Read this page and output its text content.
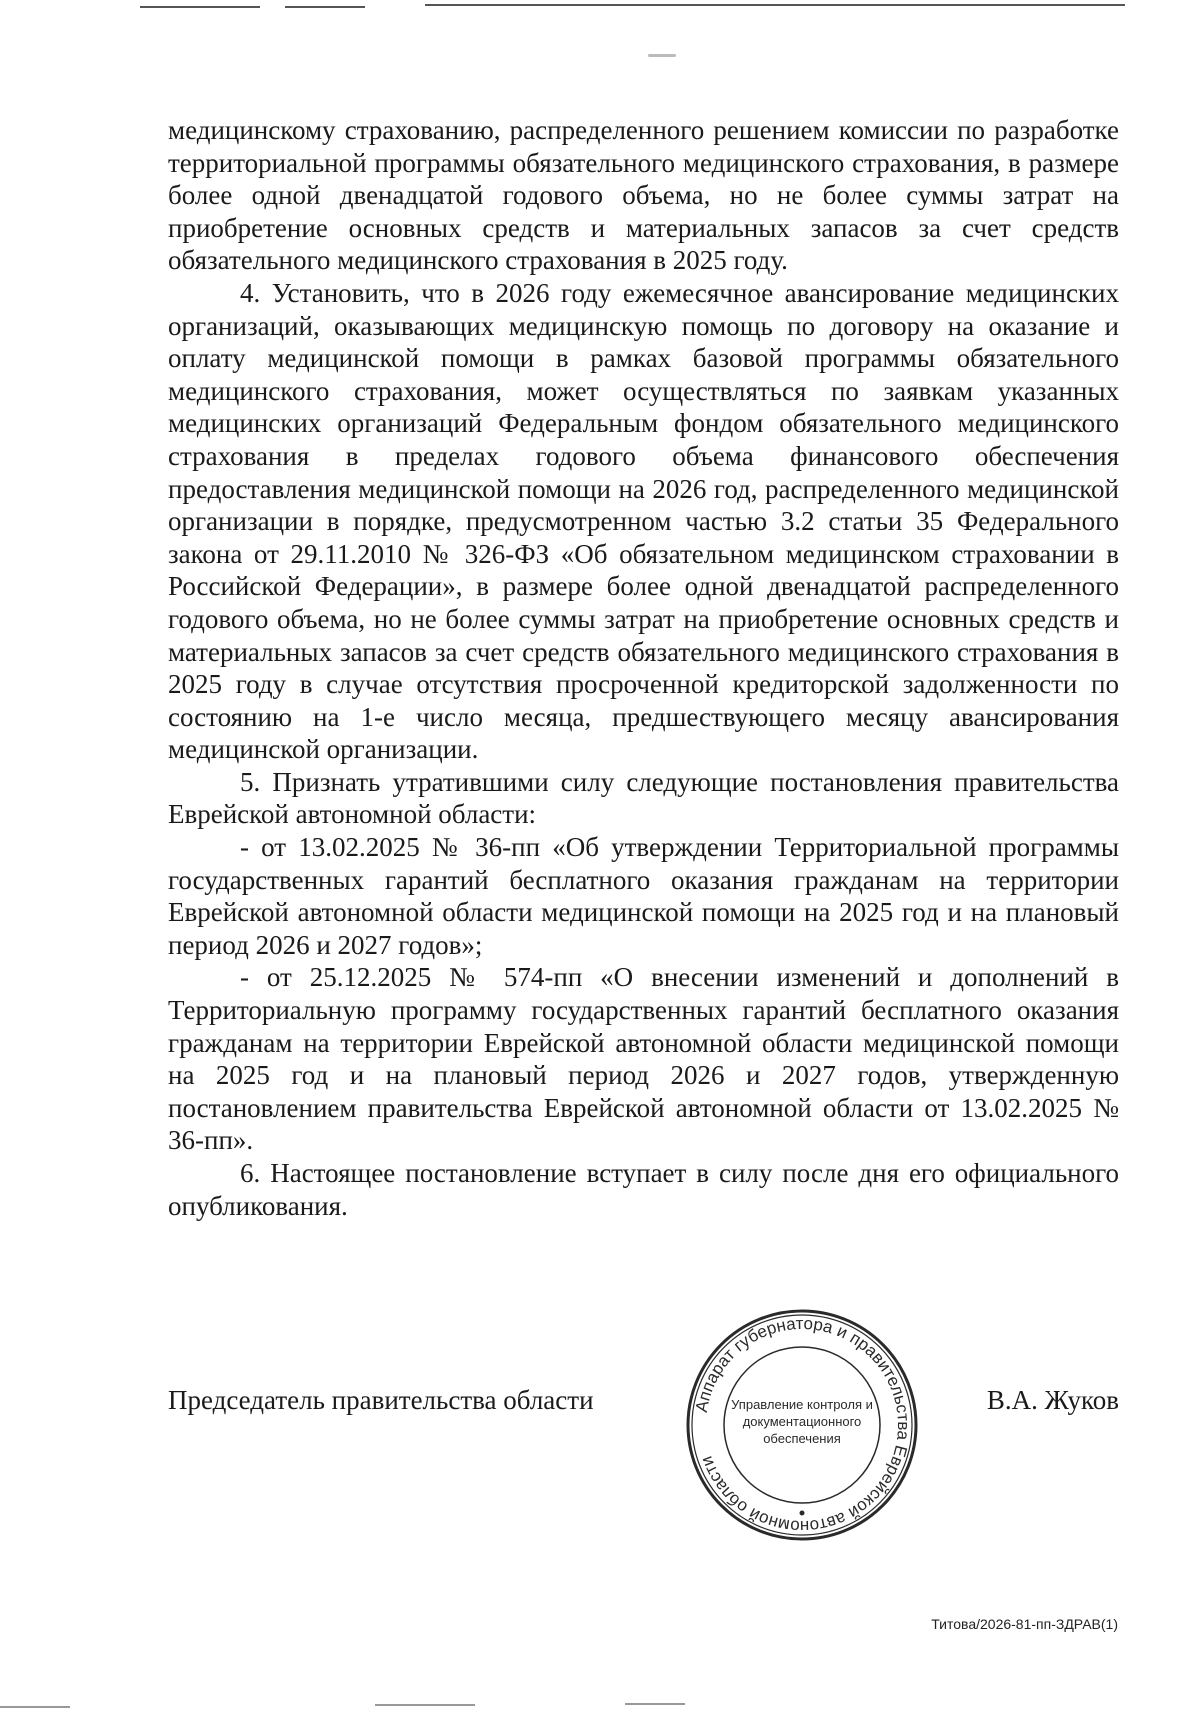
медицинскому страхованию, распределенного решением комиссии по разработке территориальной программы обязательного медицинского страхования, в размере более одной двенадцатой годового объема, но не более суммы затрат на приобретение основных средств и материальных запасов за счет средств обязательного медицинского страхования в 2025 году.

4. Установить, что в 2026 году ежемесячное авансирование медицинских организаций, оказывающих медицинскую помощь по договору на оказание и оплату медицинской помощи в рамках базовой программы обязательного медицинского страхования, может осуществляться по заявкам указанных медицинских организаций Федеральным фондом обязательного медицинского страхования в пределах годового объема финансового обеспечения предоставления медицинской помощи на 2026 год, распределенного медицинской организации в порядке, предусмотренном частью 3.2 статьи 35 Федерального закона от 29.11.2010 № 326-ФЗ «Об обязательном медицинском страховании в Российской Федерации», в размере более одной двенадцатой распределенного годового объема, но не более суммы затрат на приобретение основных средств и материальных запасов за счет средств обязательного медицинского страхования в 2025 году в случае отсутствия просроченной кредиторской задолженности по состоянию на 1-е число месяца, предшествующего месяцу авансирования медицинской организации.

5. Признать утратившими силу следующие постановления правительства Еврейской автономной области:

- от 13.02.2025 № 36-пп «Об утверждении Территориальной программы государственных гарантий бесплатного оказания гражданам на территории Еврейской автономной области медицинской помощи на 2025 год и на плановый период 2026 и 2027 годов»;

- от 25.12.2025 № 574-пп «О внесении изменений и дополнений в Территориальную программу государственных гарантий бесплатного оказания гражданам на территории Еврейской автономной области медицинской помощи на 2025 год и на плановый период 2026 и 2027 годов, утвержденную постановлением правительства Еврейской автономной области от 13.02.2025 № 36-пп».

6. Настоящее постановление вступает в силу после дня его официального опубликования.

Председатель правительства области	В.А. Жуков
Аппарат губернатора и правительства Еврейской автономной области
Управление контроля и
документационного
обеспечения
Титова/2026-81-пп-ЗДРАВ(1)
